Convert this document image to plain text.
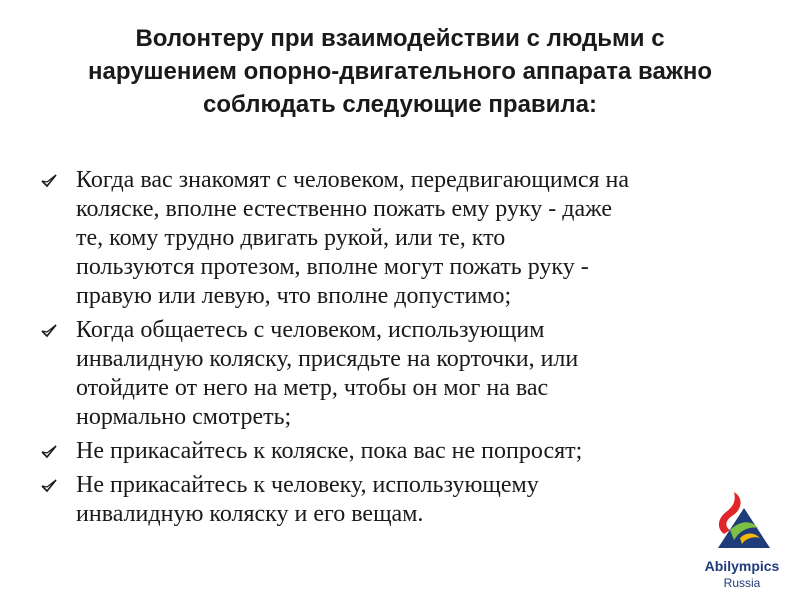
Волонтеру при взаимодействии с людьми с
нарушением опорно-двигательного аппарата важно
соблюдать следующие правила:
Когда вас знакомят с человеком, передвигающимся на
коляске, вполне естественно пожать ему руку - даже
те, кому трудно двигать рукой, или те, кто
пользуются протезом, вполне могут пожать руку -
правую или левую, что вполне допустимо;
Когда общаетесь с человеком, использующим
инвалидную коляску, присядьте на корточки, или
отойдите от него на метр, чтобы он мог на вас
нормально смотреть;
Не прикасайтесь к коляске, пока вас не попросят;
Не прикасайтесь к человеку, использующему
инвалидную коляску и его вещам.
Abilympics
Russia
